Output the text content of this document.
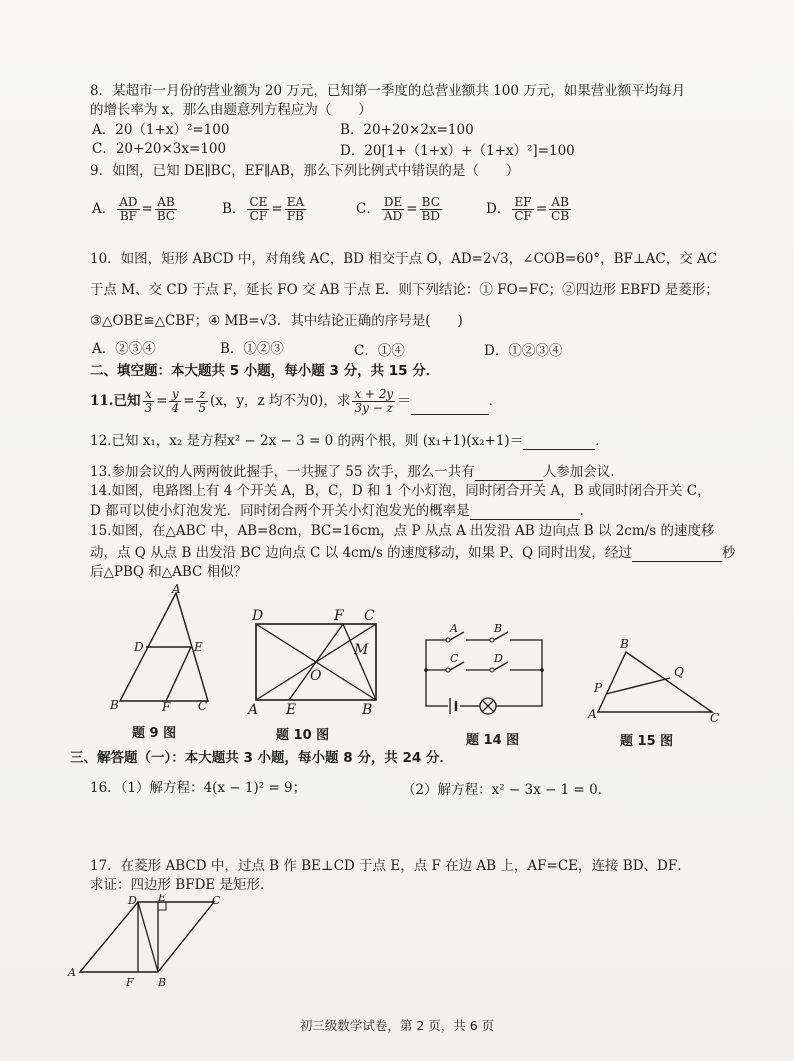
8．某超市一月份的营业额为 20 万元，已知第一季度的总营业额共 100 万元，如果营业额平均每月
的增长率为 x，那么由题意列方程应为（　　）
A．20（1+x）²=100	B．20+20×2x=100
C．20+20×3x=100	D．20[1+（1+x）+（1+x）²]=100
9．如图，已知 DE∥BC，EF∥AB，那么下列比例式中错误的是（　　）
A． $\frac{AD}{BF} = \frac{AB}{BC}$	B． $\frac{CE}{CF} = \frac{EA}{FB}$	C． $\frac{DE}{AD} = \frac{BC}{BD}$	D． $\frac{EF}{CF} = \frac{AB}{CB}$
10．如图，矩形 ABCD 中，对角线 AC，BD 相交于点 O，AD=2√3，∠COB=60°，BF⊥AC，交 AC
于点 M、交 CD 于点 F，延长 FO 交 AB 于点 E．则下列结论：① FO=FC；②四边形 EBFD 是菱形；
③△OBE≌△CBF；④ MB=√3．其中结论正确的序号是(　　)
A．②③④	B．①②③	C．①④	D．①②③④
二、填空题：本大题共 5 小题，每小题 3 分，共 15 分．
11.已知 $\frac{x}{3} = \frac{y}{4} = \frac{z}{5} (x$，y，z 均不为0)，求 $\frac{x + 2y}{3y - z}$ ＝	．
12.已知 x₁，x₂ 是方程x² − 2x − 3 = 0 的两个根，则 (x₁+1)(x₂+1)＝	．
13.参加会议的人两两彼此握手，一共握了 55 次手，那么一共有	人参加会议．
14.如图，电路图上有 4 个开关 A，B，C，D 和 1 个小灯泡，同时闭合开关 A，B 或同时闭合开关 C，
D 都可以使小灯泡发光．同时闭合两个开关小灯泡发光的概率是	．
15.如图，在△ABC 中，AB=8cm，BC=16cm，点 P 从点 A 出发沿 AB 边向点 B 以 2cm/s 的速度移
动，点 Q 从点 B 出发沿 BC 边向点 C 以 4cm/s 的速度移动，如果 P、Q 同时出发，经过	秒
后△PBQ 和△ABC 相似？
A
D	E
B	F C
题 9 图
D	F C
M
O
A E	B
题 10 图
A	B
C	D
题 14 图
B
Q
P
A	C
题 15 图
三、解答题（一）：本大题共 3 小题，每小题 8 分，共 24 分．
16．（1）解方程：4(x − 1)² = 9；	（2）解方程：x² − 3x − 1 = 0．
17．在菱形 ABCD 中，过点 B 作 BE⊥CD 于点 E，点 F 在边 AB 上，AF=CE，连接 BD、DF．
求证：四边形 BFDE 是矩形．
D E	C
A
F B
初三级数学试卷，第 2 页，共 6 页
